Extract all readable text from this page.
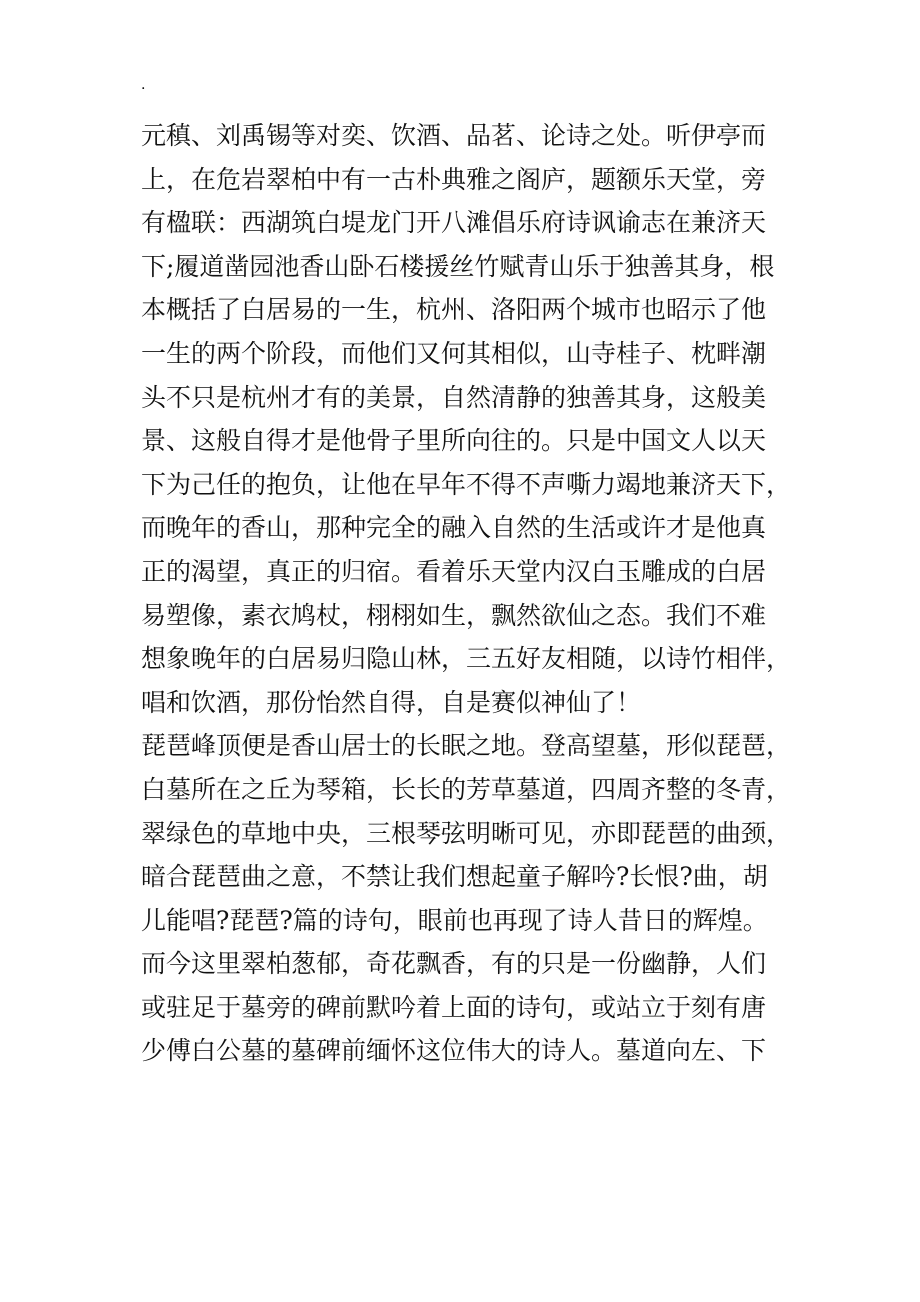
.
元稹、刘禹锡等对奕、饮酒、品茗、论诗之处。听伊亭而
上，在危岩翠柏中有一古朴典雅之阁庐，题额乐天堂，旁
有楹联：西湖筑白堤龙门开八滩倡乐府诗讽谕志在兼济天
下;履道凿园池香山卧石楼援丝竹赋青山乐于独善其身，根
本概括了白居易的一生，杭州、洛阳两个城市也昭示了他
一生的两个阶段，而他们又何其相似，山寺桂子、枕畔潮
头不只是杭州才有的美景，自然清静的独善其身，这般美
景、这般自得才是他骨子里所向往的。只是中国文人以天
下为己任的抱负，让他在早年不得不声嘶力竭地兼济天下，
而晚年的香山，那种完全的融入自然的生活或许才是他真
正的渴望，真正的归宿。看着乐天堂内汉白玉雕成的白居
易塑像，素衣鸠杖，栩栩如生，飘然欲仙之态。我们不难
想象晚年的白居易归隐山林，三五好友相随，以诗竹相伴，
唱和饮酒，那份怡然自得，自是赛似神仙了！
琵琶峰顶便是香山居士的长眠之地。登高望墓，形似琵琶，
白墓所在之丘为琴箱，长长的芳草墓道，四周齐整的冬青，
翠绿色的草地中央，三根琴弦明晰可见，亦即琵琶的曲颈，
暗合琵琶曲之意，不禁让我们想起童子解吟?长恨?曲，胡
儿能唱?琵琶?篇的诗句，眼前也再现了诗人昔日的辉煌。
而今这里翠柏葱郁，奇花飘香，有的只是一份幽静，人们
或驻足于墓旁的碑前默吟着上面的诗句，或站立于刻有唐
少傅白公墓的墓碑前缅怀这位伟大的诗人。墓道向左、下
